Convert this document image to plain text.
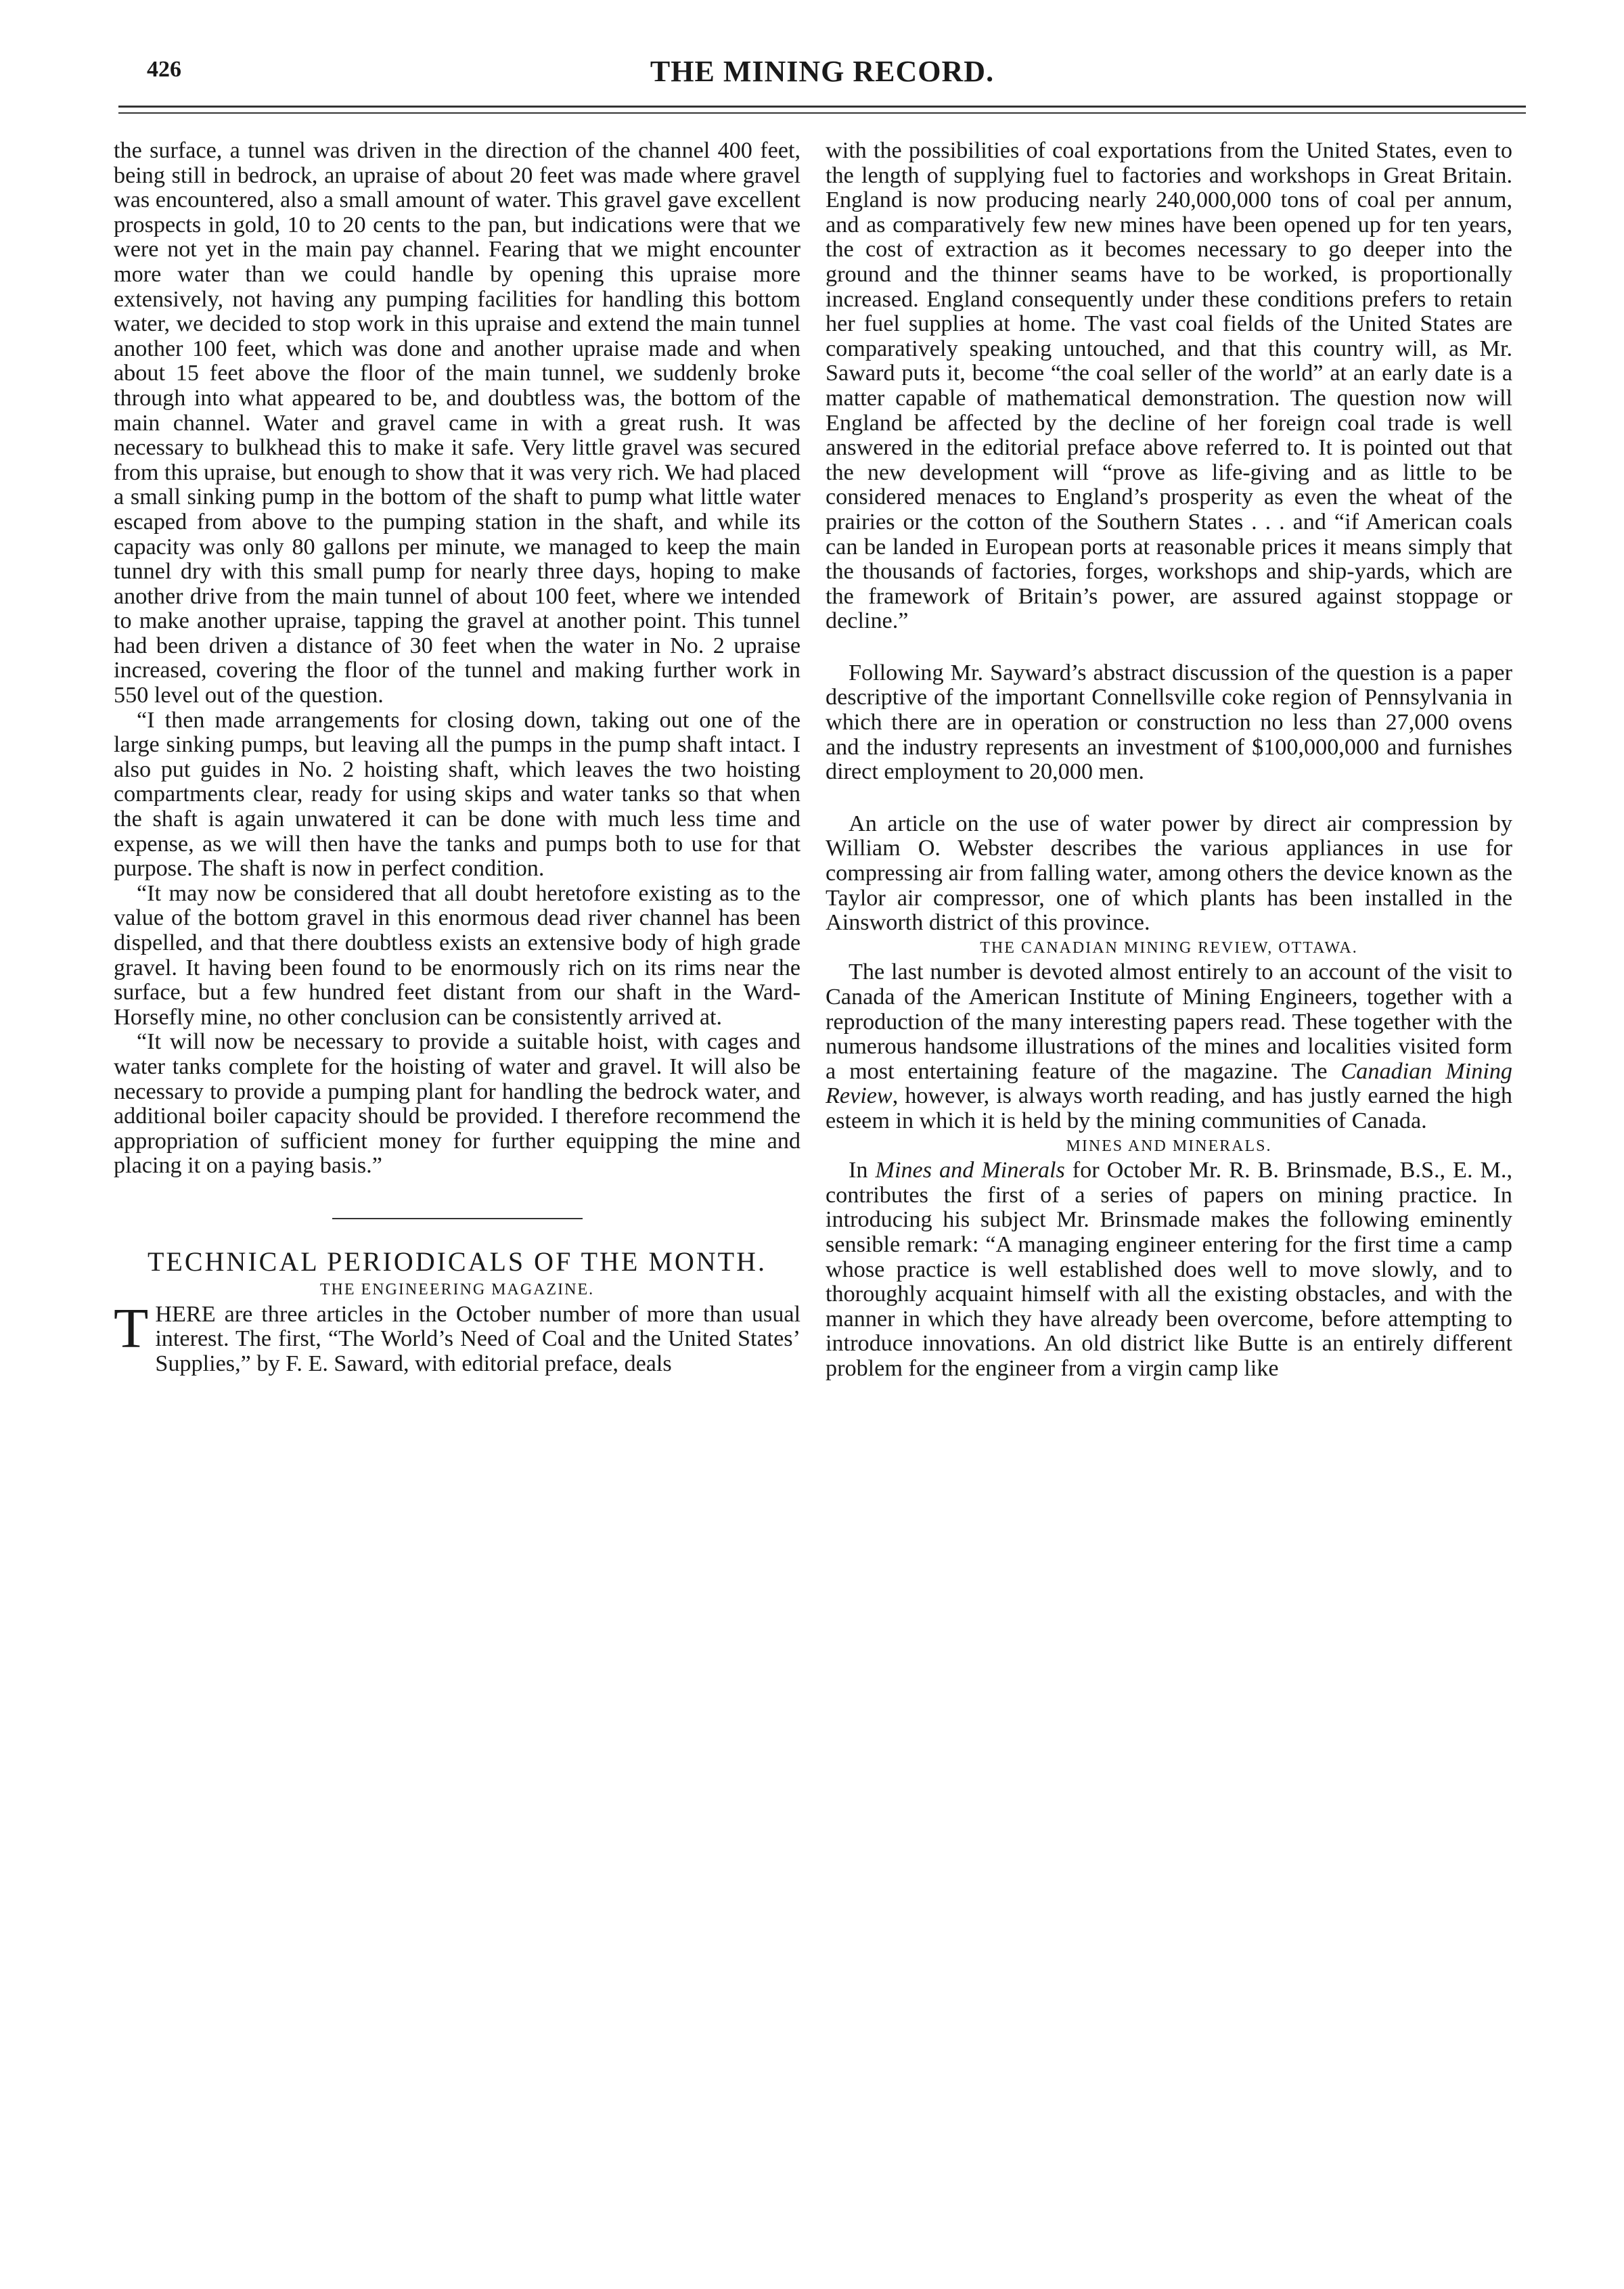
426	THE MINING RECORD.

the surface, a tunnel was driven in the direction of the channel 400 feet, being still in bedrock, an upraise of about 20 feet was made where gravel was encountered, also a small amount of water. This gravel gave excellent prospects in gold, 10 to 20 cents to the pan, but indications were that we were not yet in the main pay channel. Fearing that we might encounter more water than we could handle by opening this upraise more extensively, not having any pumping facilities for handling this bottom water, we decided to stop work in this upraise and extend the main tunnel another 100 feet, which was done and another upraise made and when about 15 feet above the floor of the main tunnel, we suddenly broke through into what appeared to be, and doubtless was, the bottom of the main channel. Water and gravel came in with a great rush. It was necessary to bulkhead this to make it safe. Very little gravel was secured from this upraise, but enough to show that it was very rich. We had placed a small sinking pump in the bottom of the shaft to pump what little water escaped from above to the pumping station in the shaft, and while its capacity was only 80 gallons per minute, we managed to keep the main tunnel dry with this small pump for nearly three days, hoping to make another drive from the main tunnel of about 100 feet, where we intended to make another upraise, tapping the gravel at another point. This tunnel had been driven a distance of 30 feet when the water in No. 2 upraise increased, covering the floor of the tunnel and making further work in 550 level out of the question.

“I then made arrangements for closing down, taking out one of the large sinking pumps, but leaving all the pumps in the pump shaft intact. I also put guides in No. 2 hoisting shaft, which leaves the two hoisting compartments clear, ready for using skips and water tanks so that when the shaft is again unwatered it can be done with much less time and expense, as we will then have the tanks and pumps both to use for that purpose. The shaft is now in perfect condition.

“It may now be considered that all doubt heretofore existing as to the value of the bottom gravel in this enormous dead river channel has been dispelled, and that there doubtless exists an extensive body of high grade gravel. It having been found to be enormously rich on its rims near the surface, but a few hundred feet distant from our shaft in the Ward-Horsefly mine, no other conclusion can be consistently arrived at.

“It will now be necessary to provide a suitable hoist, with cages and water tanks complete for the hoisting of water and gravel. It will also be necessary to provide a pumping plant for handling the bedrock water, and additional boiler capacity should be provided. I therefore recommend the appropriation of sufficient money for further equipping the mine and placing it on a paying basis.”

TECHNICAL PERIODICALS OF THE MONTH.

THE ENGINEERING MAGAZINE.

THERE are three articles in the October number of more than usual interest. The first, “The World’s Need of Coal and the United States’ Supplies,” by F. E. Saward, with editorial preface, deals

with the possibilities of coal exportations from the United States, even to the length of supplying fuel to factories and workshops in Great Britain. England is now producing nearly 240,000,000 tons of coal per annum, and as comparatively few new mines have been opened up for ten years, the cost of extraction as it becomes necessary to go deeper into the ground and the thinner seams have to be worked, is proportionally increased. England consequently under these conditions prefers to retain her fuel supplies at home. The vast coal fields of the United States are comparatively speaking untouched, and that this country will, as Mr. Saward puts it, become “the coal seller of the world” at an early date is a matter capable of mathematical demonstration. The question now will England be affected by the decline of her foreign coal trade is well answered in the editorial preface above referred to. It is pointed out that the new development will “prove as life-giving and as little to be considered menaces to England’s prosperity as even the wheat of the prairies or the cotton of the Southern States . . . and “if American coals can be landed in European ports at reasonable prices it means simply that the thousands of factories, forges, workshops and ship-yards, which are the framework of Britain’s power, are assured against stoppage or decline.”

Following Mr. Sayward’s abstract discussion of the question is a paper descriptive of the important Connellsville coke region of Pennsylvania in which there are in operation or construction no less than 27,000 ovens and the industry represents an investment of $100,000,000 and furnishes direct employment to 20,000 men.

An article on the use of water power by direct air compression by William O. Webster describes the various appliances in use for compressing air from falling water, among others the device known as the Taylor air compressor, one of which plants has been installed in the Ainsworth district of this province.

THE CANADIAN MINING REVIEW, OTTAWA.

The last number is devoted almost entirely to an account of the visit to Canada of the American Institute of Mining Engineers, together with a reproduction of the many interesting papers read. These together with the numerous handsome illustrations of the mines and localities visited form a most entertaining feature of the magazine. The Canadian Mining Review, however, is always worth reading, and has justly earned the high esteem in which it is held by the mining communities of Canada.

MINES AND MINERALS.

In Mines and Minerals for October Mr. R. B. Brinsmade, B.S., E. M., contributes the first of a series of papers on mining practice. In introducing his subject Mr. Brinsmade makes the following eminently sensible remark: “A managing engineer entering for the first time a camp whose practice is well established does well to move slowly, and to thoroughly acquaint himself with all the existing obstacles, and with the manner in which they have already been overcome, before attempting to introduce innovations. An old district like Butte is an entirely different problem for the engineer from a virgin camp like
